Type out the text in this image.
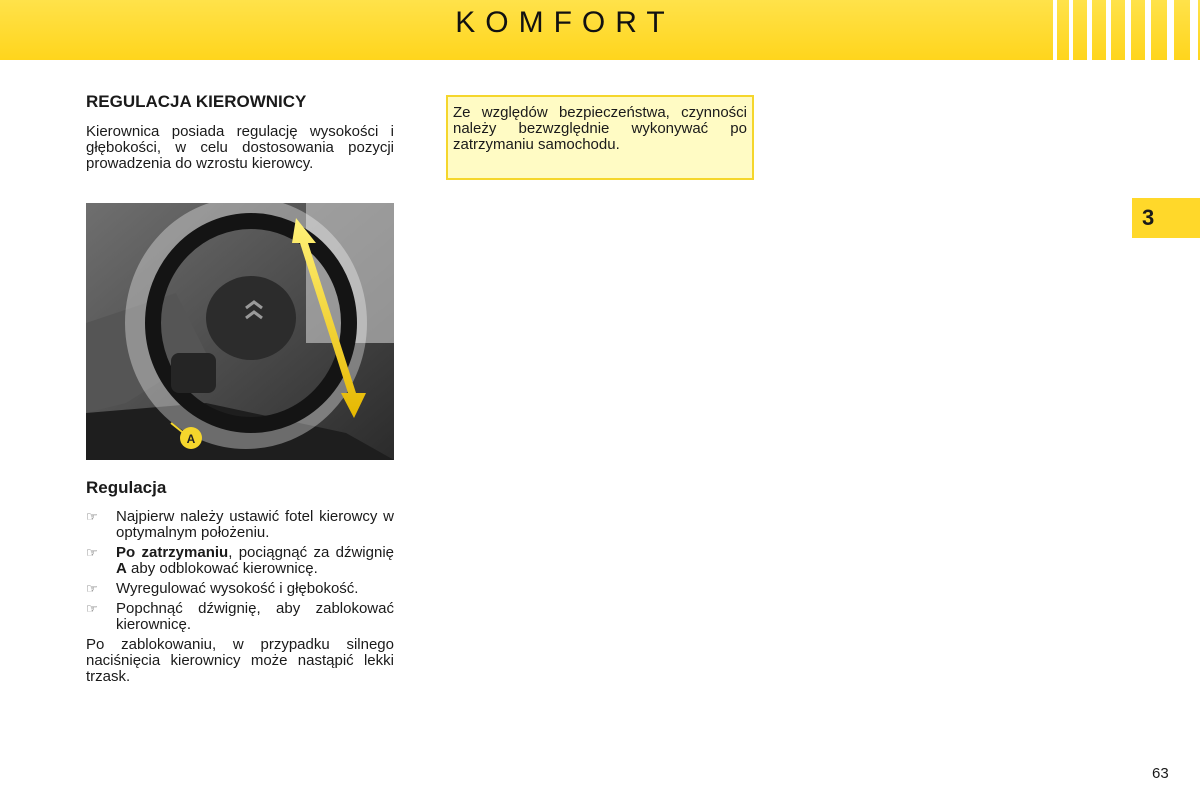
KOMFORT
3
REGULACJA KIEROWNICY
Kierownica posiada regulację wysokości i głębokości, w celu dostosowania pozycji prowadzenia do wzrostu kierowcy.
A
Regulacja
☞ Najpierw należy ustawić fotel kierowcy w optymalnym położeniu.
☞ Po zatrzymaniu, pociągnąć za dźwignię A aby odblokować kierownicę.
☞ Wyregulować wysokość i głębokość.
☞ Popchnąć dźwignię, aby zablokować kierownicę.
Po zablokowaniu, w przypadku silnego naciśnięcia kierownicy może nastąpić lekki trzask.
Ze względów bezpieczeństwa, czynności należy bezwzględnie wykonywać po zatrzymaniu samochodu.
63
